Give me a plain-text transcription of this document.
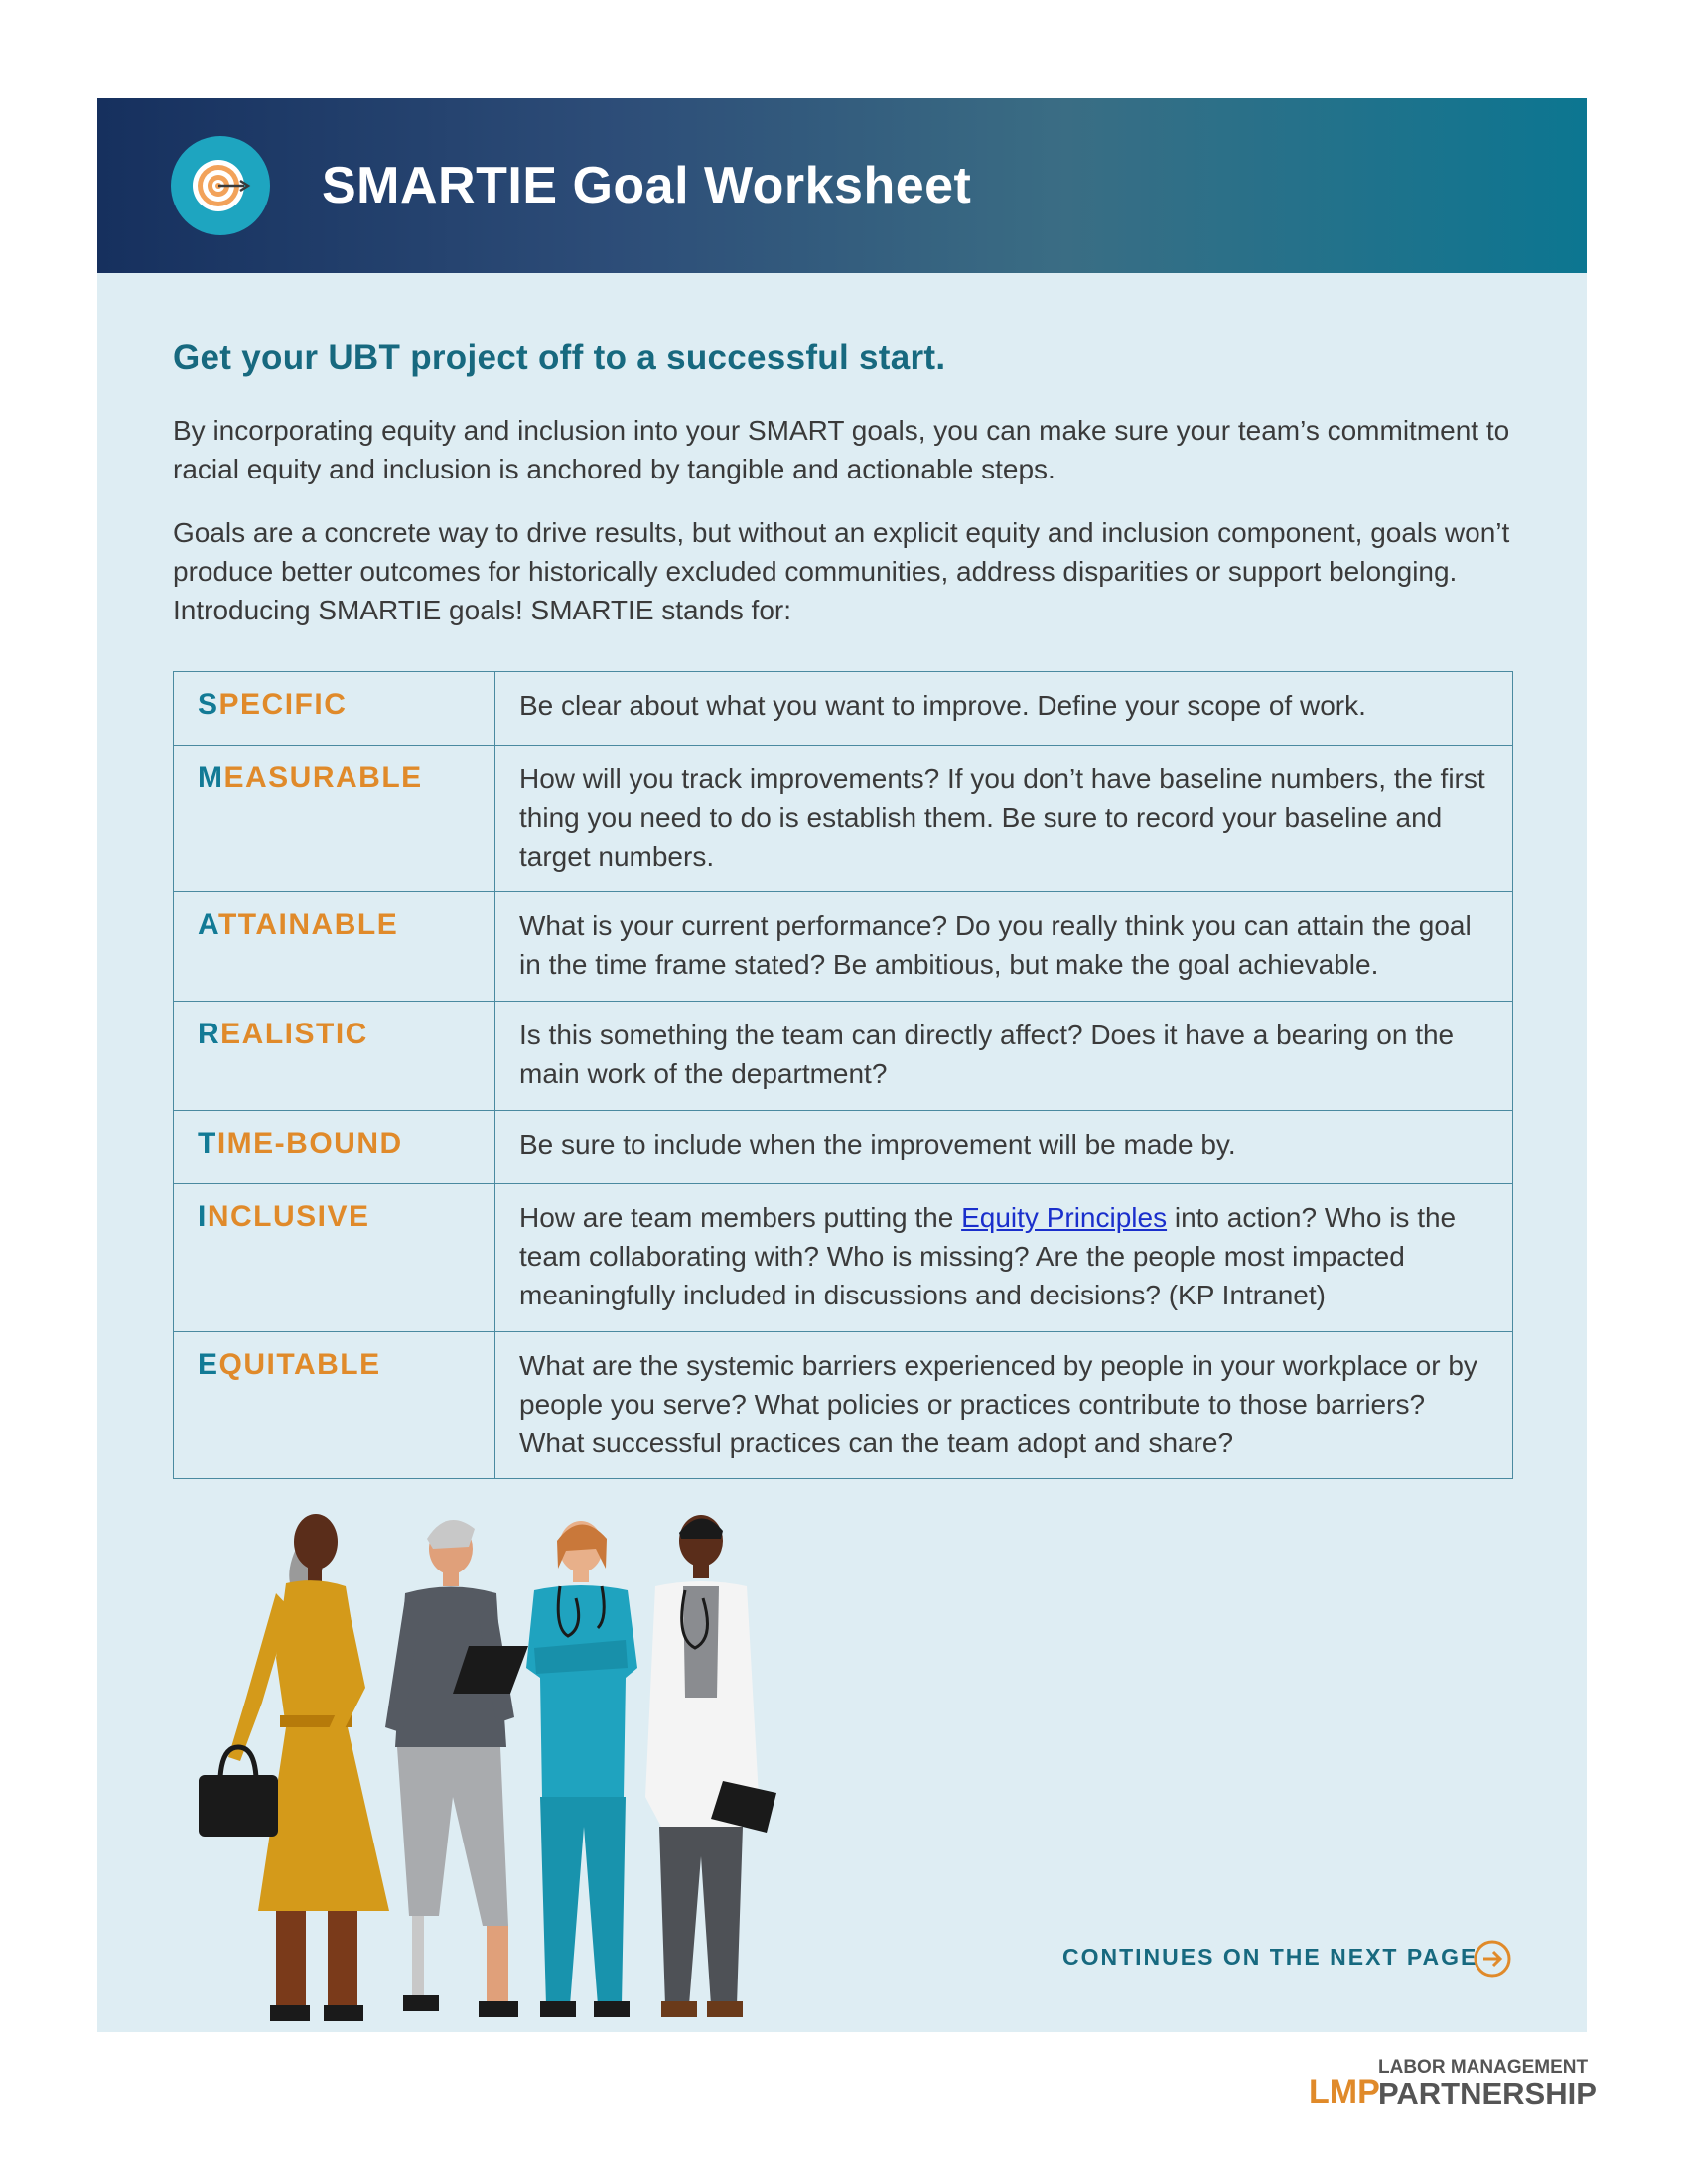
SMARTIE Goal Worksheet
Get your UBT project off to a successful start.
By incorporating equity and inclusion into your SMART goals, you can make sure your team’s commitment to racial equity and inclusion is anchored by tangible and actionable steps.
Goals are a concrete way to drive results, but without an explicit equity and inclusion component, goals won’t produce better outcomes for historically excluded communities, address disparities or support belonging. Introducing SMARTIE goals! SMARTIE stands for:
SPECIFIC	Be clear about what you want to improve. Define your scope of work.
MEASURABLE	How will you track improvements? If you don’t have baseline numbers, the first thing you need to do is establish them. Be sure to record your baseline and target numbers.
ATTAINABLE	What is your current performance? Do you really think you can attain the goal in the time frame stated? Be ambitious, but make the goal achievable.
REALISTIC	Is this something the team can directly affect? Does it have a bearing on the main work of the department?
TIME-BOUND	Be sure to include when the improvement will be made by.
INCLUSIVE	How are team members putting the Equity Principles into action? Who is the team collaborating with? Who is missing? Are the people most impacted meaningfully included in discussions and decisions? (KP Intranet)
EQUITABLE	What are the systemic barriers experienced by people in your workplace or by people you serve? What policies or practices contribute to those barriers? What successful practices can the team adopt and share?
CONTINUES ON THE NEXT PAGE
LMP
LABOR MANAGEMENT
PARTNERSHIP
